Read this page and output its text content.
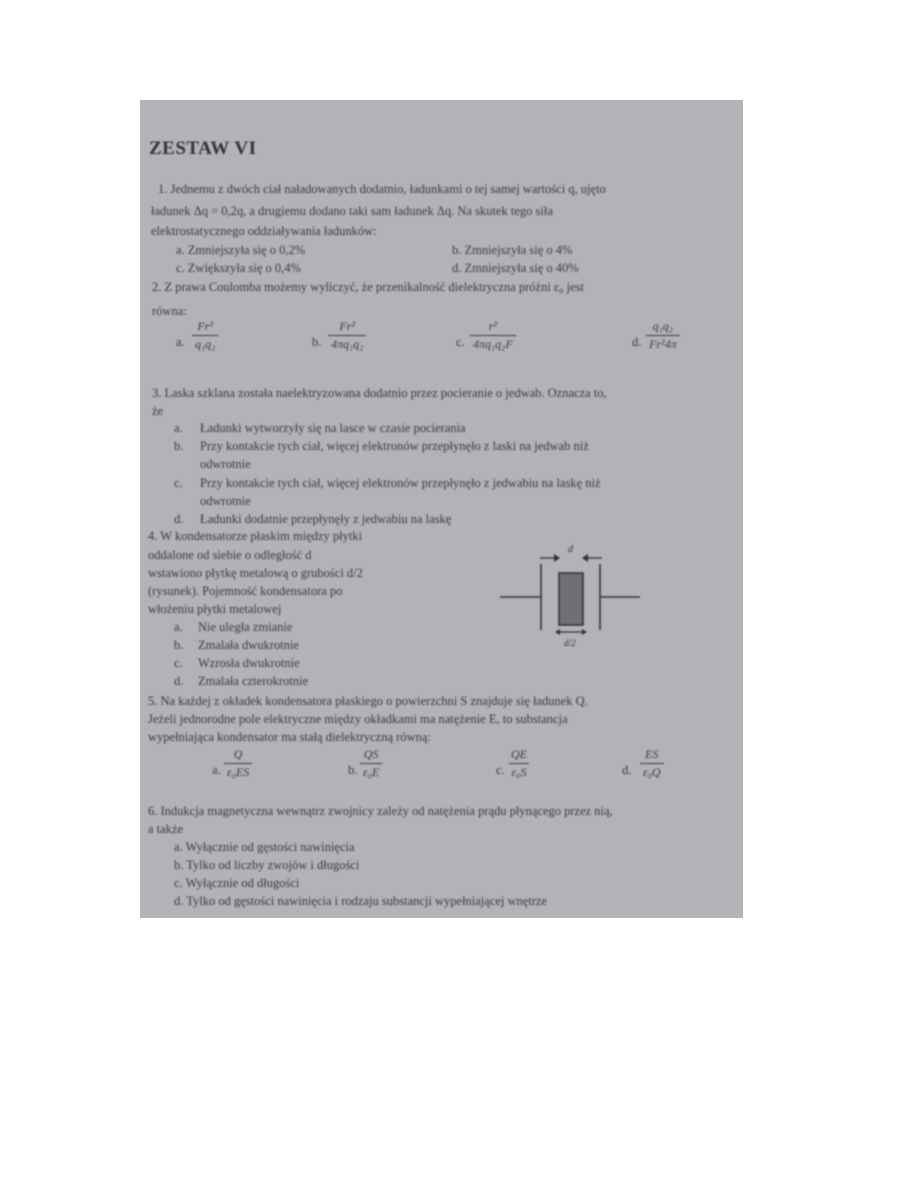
ZESTAW VI
1. Jednemu z dwóch ciał naładowanych dodatnio, ładunkami o tej samej wartości q, ujęto
ładunek Δq = 0,2q, a drugiemu dodano taki sam ładunek Δq. Na skutek tego siła
elektrostatycznego oddziaływania ładunków:
a. Zmniejszyła się o 0,2%	b. Zmniejszyła się o 4%
c. Zwiększyła się o 0,4%	d. Zmniejszyła się o 40%
2. Z prawa Coulomba możemy wyliczyć, że przenikalność dielektryczna próżni ε₀ jest
równa:
a. $\frac{\text{Fr²}}{\text{q₁q₂}}$	b. $\frac{\text{Fr²}}{\text{4πq₁q₂}}$	c. $\frac{\text{r²}}{\text{4πq₁q₂F}}$	d. $\frac{\text{q₁q₂}}{\text{Fr²4π}}$
3. Laska szklana została naelektryzowana dodatnio przez pocieranie o jedwab. Oznacza to,
że
a. Ładunki wytworzyły się na lasce w czasie pocierania
b. Przy kontakcie tych ciał, więcej elektronów przepłynęło z laski na jedwab niż
odwrotnie
c. Przy kontakcie tych ciał, więcej elektronów przepłynęło z jedwabiu na laskę niż
odwrotnie
d. Ładunki dodatnie przepłynęły z jedwabiu na laskę
4. W kondensatorze płaskim między płytki
oddalone od siebie o odległość d
wstawiono płytkę metalową o grubości d/2
(rysunek). Pojemność kondensatora po
włożeniu płytki metalowej
a. Nie uległa zmianie
b. Zmalała dwukrotnie
c. Wzrosła dwukrotnie
d. Zmalała czterokrotnie
d
d/2
5. Na każdej z okładek kondensatora płaskiego o powierzchni S znajduje się ładunek Q.
Jeżeli jednorodne pole elektryczne między okładkami ma natężenie E, to substancja
wypełniająca kondensator ma stałą dielektryczną równą:
a. $\frac{Q}{\text{ε₀ES}}$	b. $\frac{QS}{\text{ε₀E}}$	c. $\frac{QE}{\text{ε₀S}}$	d. $\frac{ES}{\text{ε₀Q}}$
6. Indukcja magnetyczna wewnątrz zwojnicy zależy od natężenia prądu płynącego przez nią,
a także
a. Wyłącznie od gęstości nawinięcia
b. Tylko od liczby zwojów i długości
c. Wyłącznie od długości
d. Tylko od gęstości nawinięcia i rodzaju substancji wypełniającej wnętrze
